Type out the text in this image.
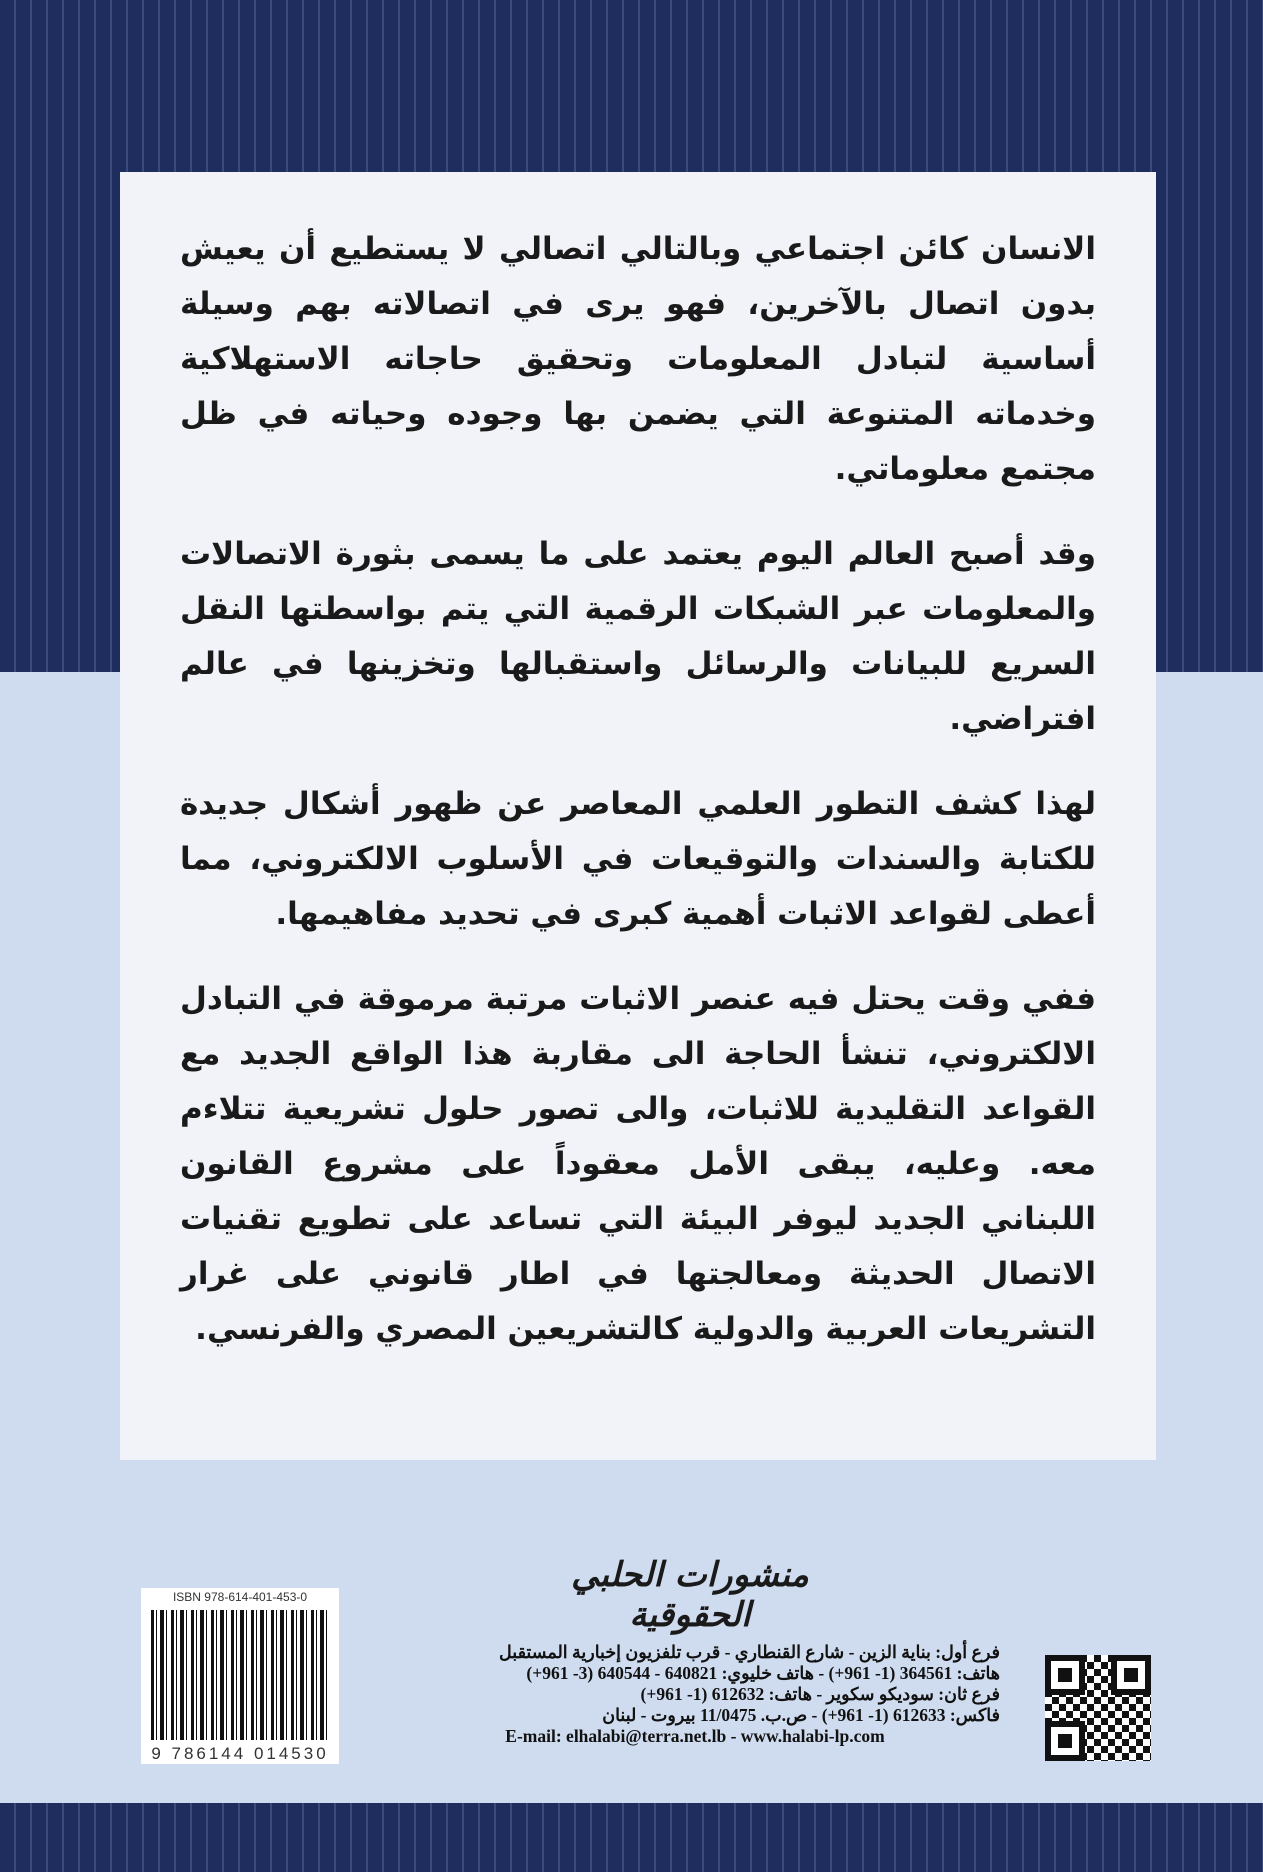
الانسان كائن اجتماعي وبالتالي اتصالي لا يستطيع أن يعيش بدون اتصال بالآخرين، فهو يرى في اتصالاته بهم وسيلة أساسية لتبادل المعلومات وتحقيق حاجاته الاستهلاكية وخدماته المتنوعة التي يضمن بها وجوده وحياته في ظل مجتمع معلوماتي.

وقد أصبح العالم اليوم يعتمد على ما يسمى بثورة الاتصالات والمعلومات عبر الشبكات الرقمية التي يتم بواسطتها النقل السريع للبيانات والرسائل واستقبالها وتخزينها في عالم افتراضي.

لهذا كشف التطور العلمي المعاصر عن ظهور أشكال جديدة للكتابة والسندات والتوقيعات في الأسلوب الالكتروني، مما أعطى لقواعد الاثبات أهمية كبرى في تحديد مفاهيمها.

ففي وقت يحتل فيه عنصر الاثبات مرتبة مرموقة في التبادل الالكتروني، تنشأ الحاجة الى مقاربة هذا الواقع الجديد مع القواعد التقليدية للاثبات، والى تصور حلول تشريعية تتلاءم معه. وعليه، يبقى الأمل معقوداً على مشروع القانون اللبناني الجديد ليوفر البيئة التي تساعد على تطويع تقنيات الاتصال الحديثة ومعالجتها في اطار قانوني على غرار التشريعات العربية والدولية كالتشريعين المصري والفرنسي.

منشورات الحلبي الحقوقية
فرع أول: بناية الزين - شارع القنطاري - قرب تلفزيون إخبارية المستقبل
هاتف: 364561 (1- 961+) - هاتف خليوي: 640821 - 640544 (3- 961+)
فرع ثان: سوديكو سكوير - هاتف: 612632 (1- 961+)
فاكس: 612633 (1- 961+) - ص.ب. 11/0475 بيروت - لبنان
E-mail: elhalabi@terra.net.lb - www.halabi-lp.com
ISBN 978-614-401-453-0
9 786144 014530
